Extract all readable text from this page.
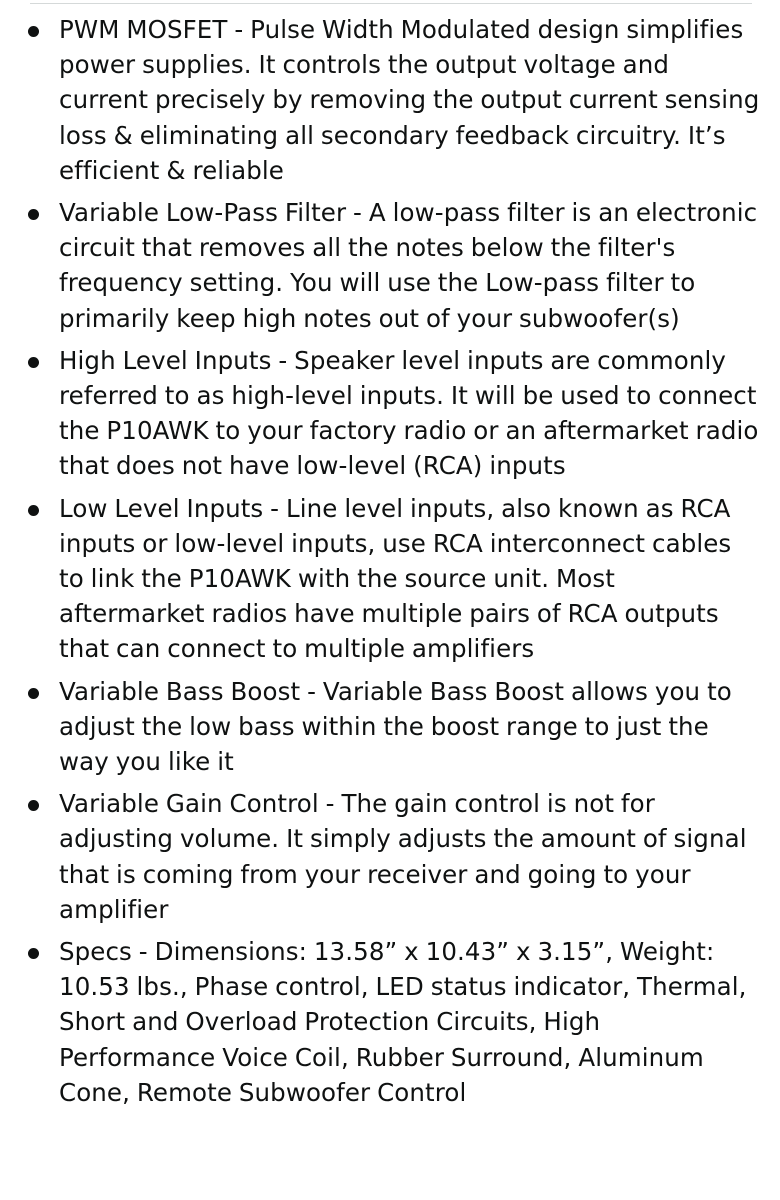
PWM MOSFET - Pulse Width Modulated design simplifies power supplies. It controls the output voltage and current precisely by removing the output current sensing loss & eliminating all secondary feedback circuitry. It’s efficient & reliable
Variable Low-Pass Filter - A low-pass filter is an electronic circuit that removes all the notes below the filter's frequency setting. You will use the Low-pass filter to primarily keep high notes out of your subwoofer(s)
High Level Inputs - Speaker level inputs are commonly referred to as high-level inputs. It will be used to connect the P10AWK to your factory radio or an aftermarket radio that does not have low-level (RCA) inputs
Low Level Inputs - Line level inputs, also known as RCA inputs or low-level inputs, use RCA interconnect cables to link the P10AWK with the source unit. Most aftermarket radios have multiple pairs of RCA outputs that can connect to multiple amplifiers
Variable Bass Boost - Variable Bass Boost allows you to adjust the low bass within the boost range to just the way you like it
Variable Gain Control - The gain control is not for adjusting volume. It simply adjusts the amount of signal that is coming from your receiver and going to your amplifier
Specs - Dimensions: 13.58” x 10.43” x 3.15”, Weight: 10.53 lbs., Phase control, LED status indicator, Thermal, Short and Overload Protection Circuits, High Performance Voice Coil, Rubber Surround, Aluminum Cone, Remote Subwoofer Control
